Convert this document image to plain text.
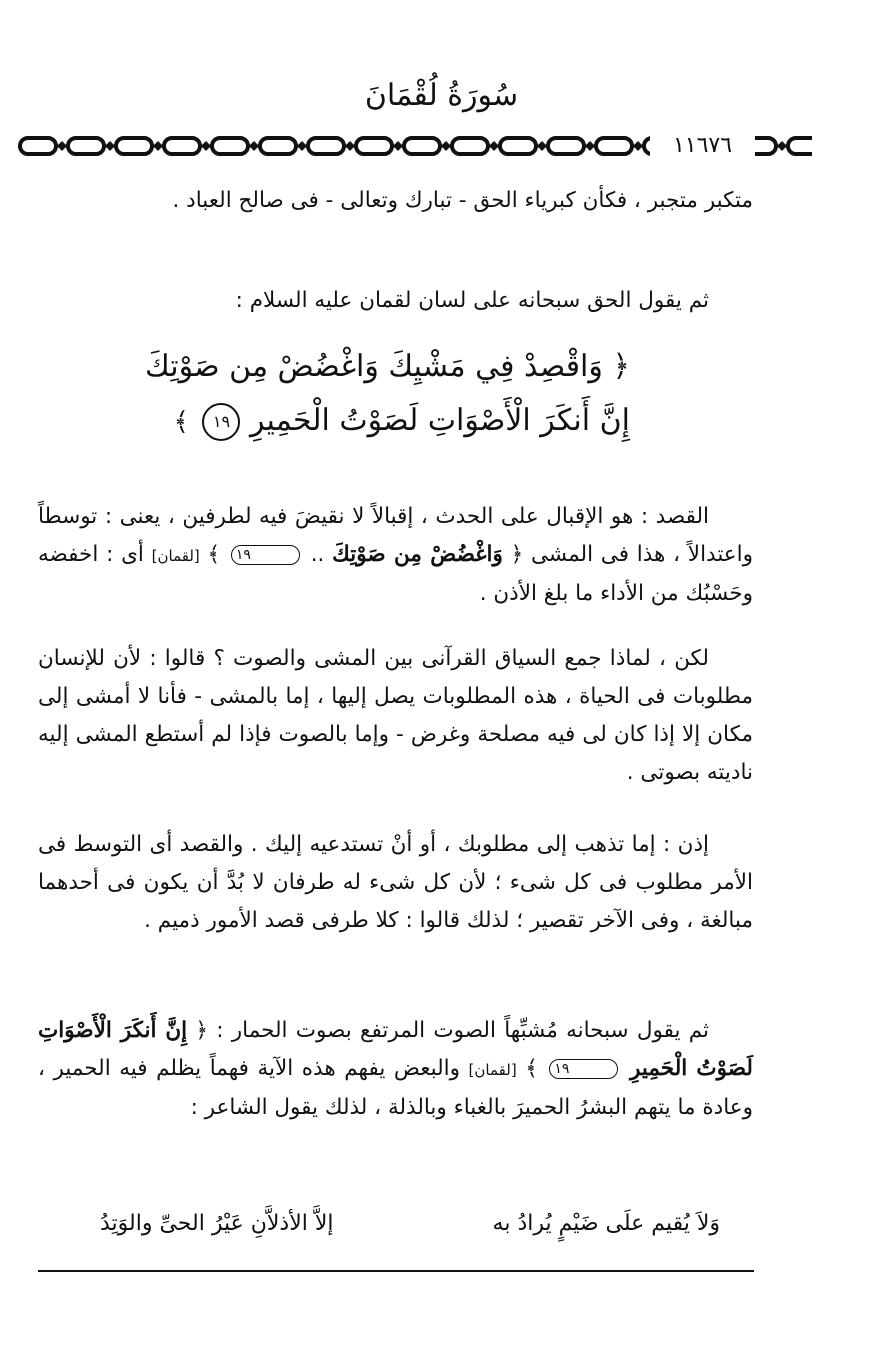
سُورَةُ لُقْمَانَ
١١٦٧٦

متكبر متجبر ، فكأن كبرياء الحق - تبارك وتعالى - فى صالح العباد .

ثم يقول الحق سبحانه على لسان لقمان عليه السلام :

﴿ وَاقْصِدْ فِي مَشْيِكَ وَاغْضُضْ مِن صَوْتِكَ
إِنَّ أَنكَرَ الْأَصْوَاتِ لَصَوْتُ الْحَمِيرِ ١٩ ﴾

القصد : هو الإقبال على الحدث ، إقبالاً لا نقيضَ فيه لطرفين ، يعنى : توسطاً واعتدالاً ، هذا فى المشى ﴿ وَاغْضُضْ مِن صَوْتِكَ .. ١٩ ﴾ [لقمان] أى : اخفضه وحَسْبُك من الأداء ما بلغ الأذن .

لكن ، لماذا جمع السياق القرآنى بين المشى والصوت ؟ قالوا : لأن للإنسان مطلوبات فى الحياة ، هذه المطلوبات يصل إليها ، إما بالمشى - فأنا لا أمشى إلى مكان إلا إذا كان لى فيه مصلحة وغرض - وإما بالصوت فإذا لم أستطع المشى إليه ناديته بصوتى .

إذن : إما تذهب إلى مطلوبك ، أو أنْ تستدعيه إليك . والقصد أى التوسط فى الأمر مطلوب فى كل شىء ؛ لأن كل شىء له طرفان لا بُدَّ أن يكون فى أحدهما مبالغة ، وفى الآخر تقصير ؛ لذلك قالوا : كلا طرفى قصد الأمور ذميم .

ثم يقول سبحانه مُشبِّهاً الصوت المرتفع بصوت الحمار : ﴿ إِنَّ أَنكَرَ الْأَصْوَاتِ لَصَوْتُ الْحَمِيرِ ١٩ ﴾ [لقمان] والبعض يفهم هذه الآية فهماً يظلم فيه الحمير ، وعادة ما يتهم البشرُ الحميرَ بالغباء وبالذلة ، لذلك يقول الشاعر :

وَلاَ يُقيم علَى ضَيْمٍ يُرادُ به
إلاَّ الأذلاَّنِ عَيْرُ الحىِّ والوَتِدُ
